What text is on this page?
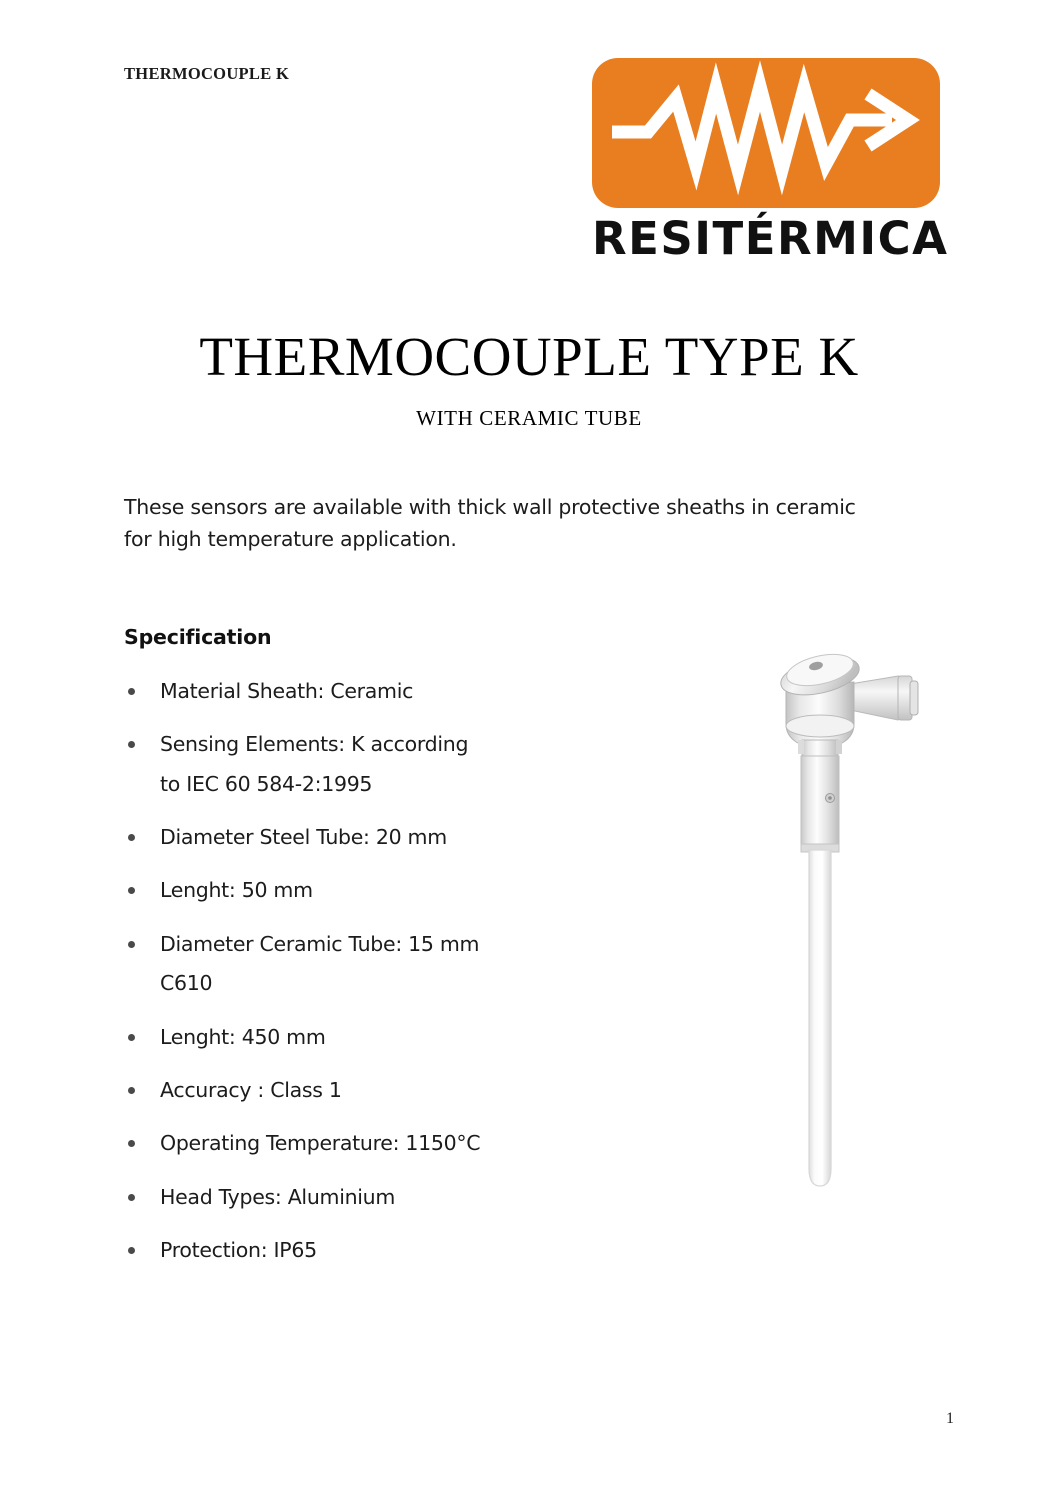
THERMOCOUPLE K
RESITÉRMICA
THERMOCOUPLE TYPE K
WITH CERAMIC TUBE
These sensors are available with thick wall protective sheaths in ceramic for high temperature application.
Specification
Material Sheath: Ceramic
Sensing Elements: K according to IEC 60 584-2:1995
Diameter Steel Tube: 20 mm
Lenght: 50 mm
Diameter Ceramic Tube: 15 mm C610
Lenght: 450 mm
Accuracy : Class 1
Operating Temperature: 1150°C
Head Types: Aluminium
Protection: IP65
1
